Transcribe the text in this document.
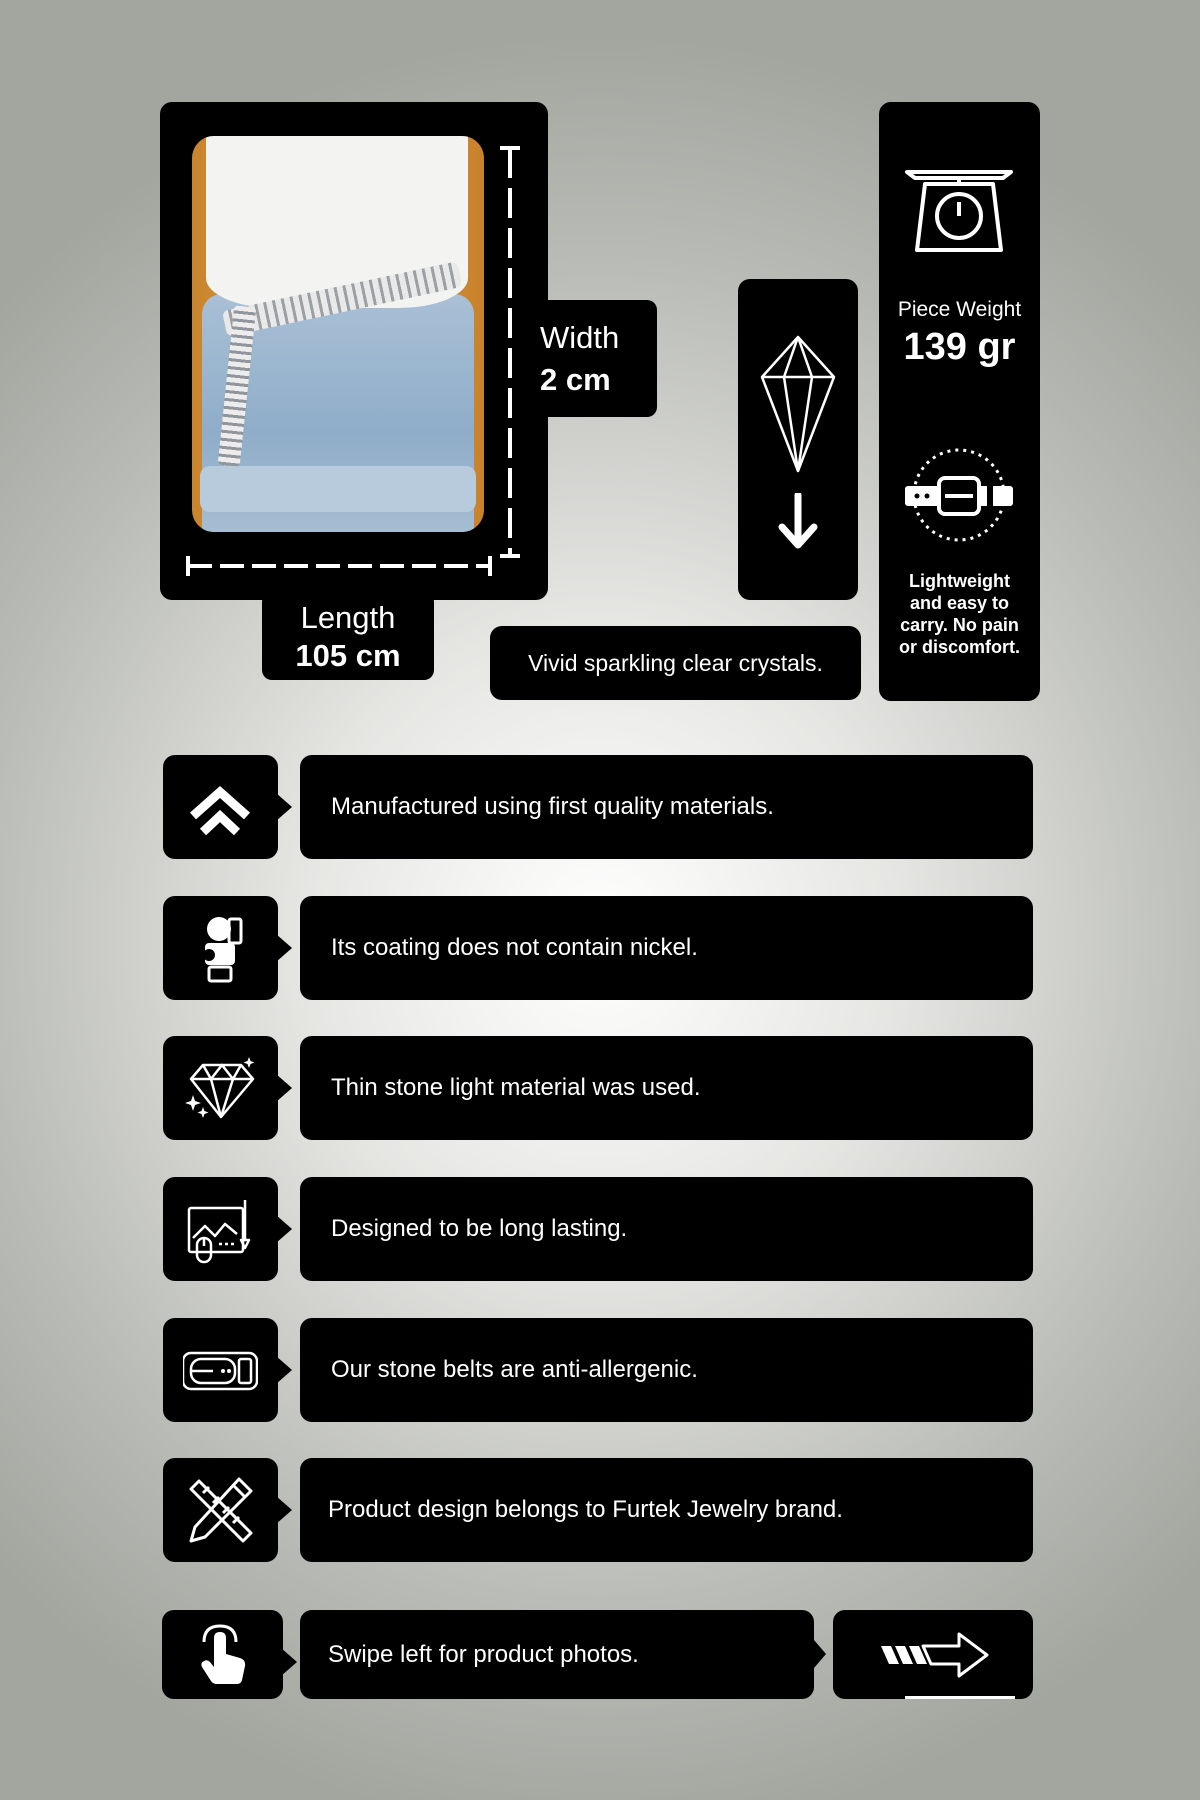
Width
2 cm
Length
105 cm	Vivid sparkling clear crystals.
Piece Weight
139 gr
Lightweight
and easy to
carry. No pain
or discomfort.
Manufactured using first quality materials.
Its coating does not contain nickel.
Thin stone light material was used.
Designed to be long lasting.
Our stone belts are anti-allergenic.
Product design belongs to Furtek Jewelry brand.
Swipe left for product photos.
